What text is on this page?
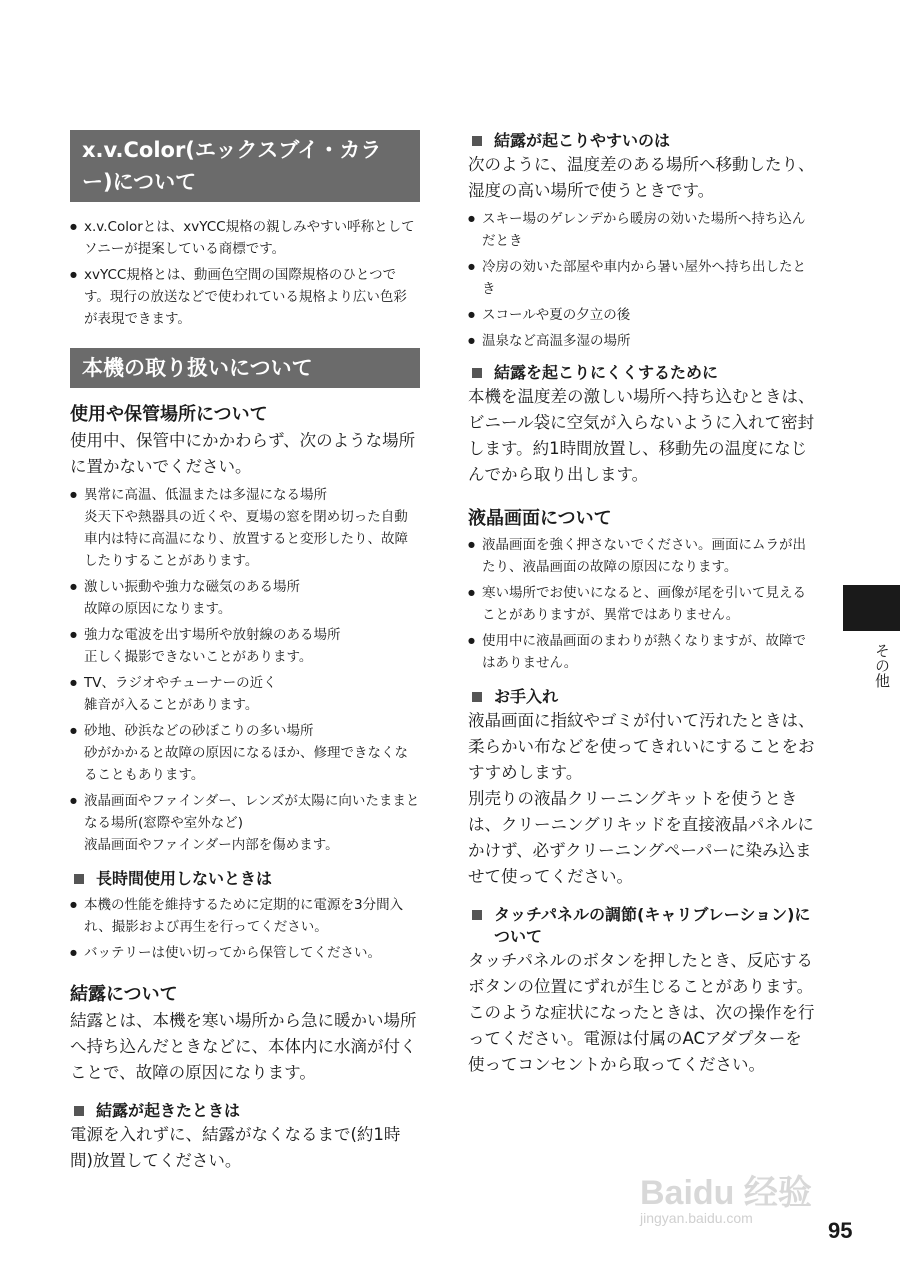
x.v.Color(エックスブイ・カラー)について
● x.v.Colorとは、xvYCC規格の親しみやすい呼称としてソニーが提案している商標です。
● xvYCC規格とは、動画色空間の国際規格のひとつです。現行の放送などで使われている規格より広い色彩が表現できます。
本機の取り扱いについて
使用や保管場所について

使用中、保管中にかかわらず、次のような場所に置かないでください。

● 異常に高温、低温または多湿になる場所
炎天下や熱器具の近くや、夏場の窓を閉め切った自動車内は特に高温になり、放置すると変形したり、故障したりすることがあります。
● 激しい振動や強力な磁気のある場所
故障の原因になります。
● 強力な電波を出す場所や放射線のある場所
正しく撮影できないことがあります。
● TV、ラジオやチューナーの近く
雑音が入ることがあります。
● 砂地、砂浜などの砂ぼこりの多い場所
砂がかかると故障の原因になるほか、修理できなくなることもあります。
● 液晶画面やファインダー、レンズが太陽に向いたままとなる場所(窓際や室外など)
液晶画面やファインダー内部を傷めます。
長時間使用しないときは
● 本機の性能を維持するために定期的に電源を3分間入れ、撮影および再生を行ってください。
● バッテリーは使い切ってから保管してください。
結露について

結露とは、本機を寒い場所から急に暖かい場所へ持ち込んだときなどに、本体内に水滴が付くことで、故障の原因になります。

結露が起きたときは

電源を入れずに、結露がなくなるまで(約1時間)放置してください。

結露が起こりやすいのは

次のように、温度差のある場所へ移動したり、湿度の高い場所で使うときです。

● スキー場のゲレンデから暖房の効いた場所へ持ち込んだとき
● 冷房の効いた部屋や車内から暑い屋外へ持ち出したとき
● スコールや夏の夕立の後
● 温泉など高温多湿の場所
結露を起こりにくくするために

本機を温度差の激しい場所へ持ち込むときは、ビニール袋に空気が入らないように入れて密封します。約1時間放置し、移動先の温度になじんでから取り出します。

液晶画面について
● 液晶画面を強く押さないでください。画面にムラが出たり、液晶画面の故障の原因になります。
● 寒い場所でお使いになると、画像が尾を引いて見えることがありますが、異常ではありません。
● 使用中に液晶画面のまわりが熱くなりますが、故障ではありません。
お手入れ

液晶画面に指紋やゴミが付いて汚れたときは、柔らかい布などを使ってきれいにすることをおすすめします。

別売りの液晶クリーニングキットを使うときは、クリーニングリキッドを直接液晶パネルにかけず、必ずクリーニングペーパーに染み込ませて使ってください。

タッチパネルの調節(キャリブレーション)について

タッチパネルのボタンを押したとき、反応するボタンの位置にずれが生じることがあります。

このような症状になったときは、次の操作を行ってください。電源は付属のACアダプターを使ってコンセントから取ってください。

その他
Baidu 经验
jingyan.baidu.com	95
